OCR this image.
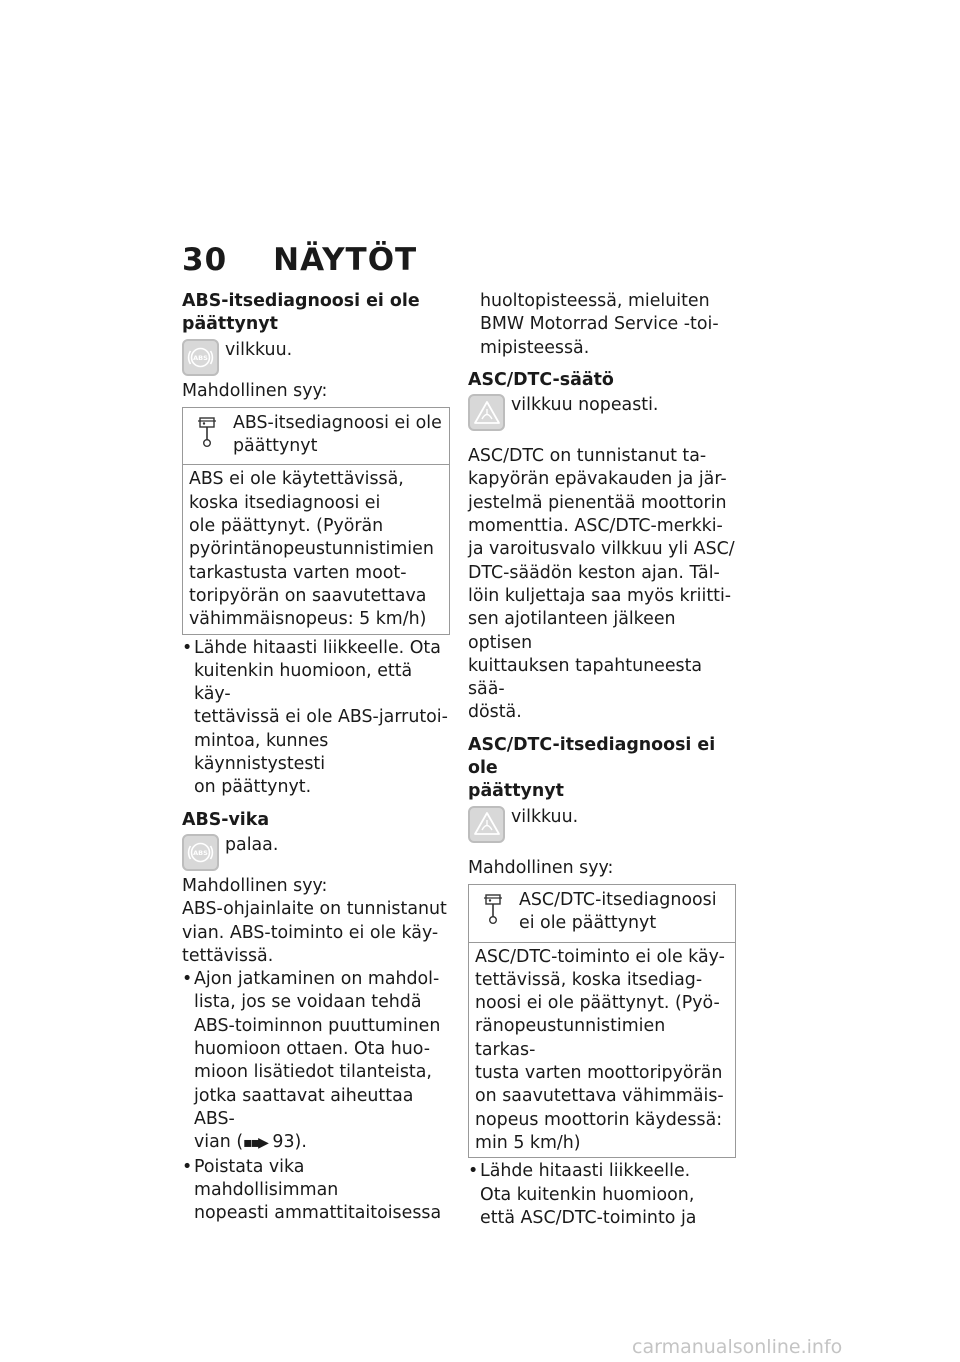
30 NÄYTÖT
ABS-itsediagnoosi ei ole
päättynyt
ABS vilkkuu.

Mahdollinen syy:

ABS-itsediagnoosi ei ole
päättynyt
ABS ei ole käytettävissä,
koska itsediagnoosi ei
ole päättynyt. (Pyörän
pyörintänopeustunnistimien
tarkastusta varten moot-
toripyörän on saavutettava
vähimmäisnopeus: 5 km/h)
• Lähde hitaasti liikkeelle. Ota
kuitenkin huomioon, että käy-
tettävissä ei ole ABS-jarrutoi-
mintoa, kunnes käynnistystesti
on päättynyt.
ABS-vika
ABS palaa.

Mahdollinen syy:

ABS-ohjainlaite on tunnistanut
vian. ABS-toiminto ei ole käy-
tettävissä.
• Ajon jatkaminen on mahdol-
lista, jos se voidaan tehdä
ABS-toiminnon puuttuminen
huomioon ottaen. Ota huo-
mioon lisätiedot tilanteista,
jotka saattavat aiheuttaa ABS-
vian (▪▪▶ 93).
• Poistata vika mahdollisimman
nopeasti ammattitaitoisessa
huoltopisteessä, mieluiten
BMW Motorrad Service -toi-
mipisteessä.
ASC/DTC-säätö
vilkkuu nopeasti.
ASC/DTC on tunnistanut ta-
kapyörän epävakauden ja jär-
jestelmä pienentää moottorin
momenttia. ASC/DTC-merkki-
ja varoitusvalo vilkkuu yli ASC/
DTC-säädön keston ajan. Täl-
löin kuljettaja saa myös kriitti-
sen ajotilanteen jälkeen optisen
kuittauksen tapahtuneesta sää-
döstä.
ASC/DTC-itsediagnoosi ei ole
päättynyt
vilkkuu.

Mahdollinen syy:

ASC/DTC-itsediagnoosi
ei ole päättynyt
ASC/DTC-toiminto ei ole käy-
tettävissä, koska itsediag-
noosi ei ole päättynyt. (Pyö-
ränopeustunnistimien tarkas-
tusta varten moottoripyörän
on saavutettava vähimmäis-
nopeus moottorin käydessä:
min 5 km/h)
• Lähde hitaasti liikkeelle.
Ota kuitenkin huomioon,
että ASC/DTC-toiminto ja
carmanualsonline.info
